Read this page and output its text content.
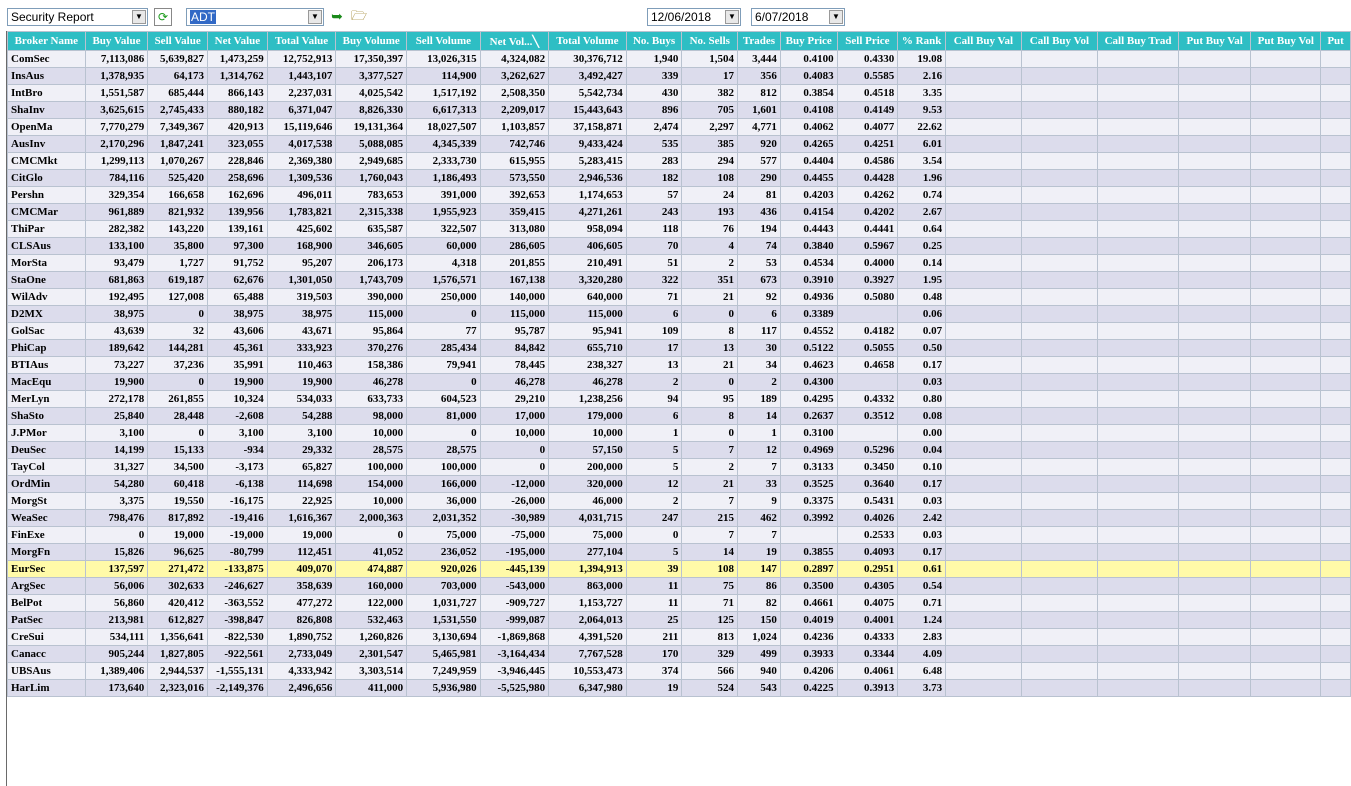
Security Report	▼	⟳	ADT	▼ ➥ 🗁	12/06/2018	▼ 6/07/2018	▼
Broker Name	Buy Value	Sell Value	Net Value	Total Value	Buy Volume	Sell Volume	Net Vol...╲	Total Volume	No. Buys	No. Sells	Trades	Buy Price	Sell Price	% Rank	Call Buy Val	Call Buy Vol	Call Buy Trad	Put Buy Val	Put Buy Vol	Put
ComSec	7,113,086	5,639,827	1,473,259	12,752,913	17,350,397	13,026,315	4,324,082	30,376,712	1,940	1,504	3,444	0.4100	0.4330	19.08						
InsAus	1,378,935	64,173	1,314,762	1,443,107	3,377,527	114,900	3,262,627	3,492,427	339	17	356	0.4083	0.5585	2.16						
IntBro	1,551,587	685,444	866,143	2,237,031	4,025,542	1,517,192	2,508,350	5,542,734	430	382	812	0.3854	0.4518	3.35						
ShaInv	3,625,615	2,745,433	880,182	6,371,047	8,826,330	6,617,313	2,209,017	15,443,643	896	705	1,601	0.4108	0.4149	9.53						
OpenMa	7,770,279	7,349,367	420,913	15,119,646	19,131,364	18,027,507	1,103,857	37,158,871	2,474	2,297	4,771	0.4062	0.4077	22.62						
AusInv	2,170,296	1,847,241	323,055	4,017,538	5,088,085	4,345,339	742,746	9,433,424	535	385	920	0.4265	0.4251	6.01						
CMCMkt	1,299,113	1,070,267	228,846	2,369,380	2,949,685	2,333,730	615,955	5,283,415	283	294	577	0.4404	0.4586	3.54						
CitGlo	784,116	525,420	258,696	1,309,536	1,760,043	1,186,493	573,550	2,946,536	182	108	290	0.4455	0.4428	1.96						
Pershn	329,354	166,658	162,696	496,011	783,653	391,000	392,653	1,174,653	57	24	81	0.4203	0.4262	0.74						
CMCMar	961,889	821,932	139,956	1,783,821	2,315,338	1,955,923	359,415	4,271,261	243	193	436	0.4154	0.4202	2.67						
ThiPar	282,382	143,220	139,161	425,602	635,587	322,507	313,080	958,094	118	76	194	0.4443	0.4441	0.64						
CLSAus	133,100	35,800	97,300	168,900	346,605	60,000	286,605	406,605	70	4	74	0.3840	0.5967	0.25						
MorSta	93,479	1,727	91,752	95,207	206,173	4,318	201,855	210,491	51	2	53	0.4534	0.4000	0.14						
StaOne	681,863	619,187	62,676	1,301,050	1,743,709	1,576,571	167,138	3,320,280	322	351	673	0.3910	0.3927	1.95						
WilAdv	192,495	127,008	65,488	319,503	390,000	250,000	140,000	640,000	71	21	92	0.4936	0.5080	0.48						
D2MX	38,975	0	38,975	38,975	115,000	0	115,000	115,000	6	0	6	0.3389		0.06						
GolSac	43,639	32	43,606	43,671	95,864	77	95,787	95,941	109	8	117	0.4552	0.4182	0.07						
PhiCap	189,642	144,281	45,361	333,923	370,276	285,434	84,842	655,710	17	13	30	0.5122	0.5055	0.50						
BTIAus	73,227	37,236	35,991	110,463	158,386	79,941	78,445	238,327	13	21	34	0.4623	0.4658	0.17						
MacEqu	19,900	0	19,900	19,900	46,278	0	46,278	46,278	2	0	2	0.4300		0.03						
MerLyn	272,178	261,855	10,324	534,033	633,733	604,523	29,210	1,238,256	94	95	189	0.4295	0.4332	0.80						
ShaSto	25,840	28,448	-2,608	54,288	98,000	81,000	17,000	179,000	6	8	14	0.2637	0.3512	0.08						
J.PMor	3,100	0	3,100	3,100	10,000	0	10,000	10,000	1	0	1	0.3100		0.00						
DeuSec	14,199	15,133	-934	29,332	28,575	28,575	0	57,150	5	7	12	0.4969	0.5296	0.04						
TayCol	31,327	34,500	-3,173	65,827	100,000	100,000	0	200,000	5	2	7	0.3133	0.3450	0.10						
OrdMin	54,280	60,418	-6,138	114,698	154,000	166,000	-12,000	320,000	12	21	33	0.3525	0.3640	0.17						
MorgSt	3,375	19,550	-16,175	22,925	10,000	36,000	-26,000	46,000	2	7	9	0.3375	0.5431	0.03						
WeaSec	798,476	817,892	-19,416	1,616,367	2,000,363	2,031,352	-30,989	4,031,715	247	215	462	0.3992	0.4026	2.42						
FinExe	0	19,000	-19,000	19,000	0	75,000	-75,000	75,000	0	7	7		0.2533	0.03						
MorgFn	15,826	96,625	-80,799	112,451	41,052	236,052	-195,000	277,104	5	14	19	0.3855	0.4093	0.17						
EurSec	137,597	271,472	-133,875	409,070	474,887	920,026	-445,139	1,394,913	39	108	147	0.2897	0.2951	0.61						
ArgSec	56,006	302,633	-246,627	358,639	160,000	703,000	-543,000	863,000	11	75	86	0.3500	0.4305	0.54						
BelPot	56,860	420,412	-363,552	477,272	122,000	1,031,727	-909,727	1,153,727	11	71	82	0.4661	0.4075	0.71						
PatSec	213,981	612,827	-398,847	826,808	532,463	1,531,550	-999,087	2,064,013	25	125	150	0.4019	0.4001	1.24						
CreSui	534,111	1,356,641	-822,530	1,890,752	1,260,826	3,130,694	-1,869,868	4,391,520	211	813	1,024	0.4236	0.4333	2.83						
Canacc	905,244	1,827,805	-922,561	2,733,049	2,301,547	5,465,981	-3,164,434	7,767,528	170	329	499	0.3933	0.3344	4.09						
UBSAus	1,389,406	2,944,537	-1,555,131	4,333,942	3,303,514	7,249,959	-3,946,445	10,553,473	374	566	940	0.4206	0.4061	6.48						
HarLim	173,640	2,323,016	-2,149,376	2,496,656	411,000	5,936,980	-5,525,980	6,347,980	19	524	543	0.4225	0.3913	3.73						
